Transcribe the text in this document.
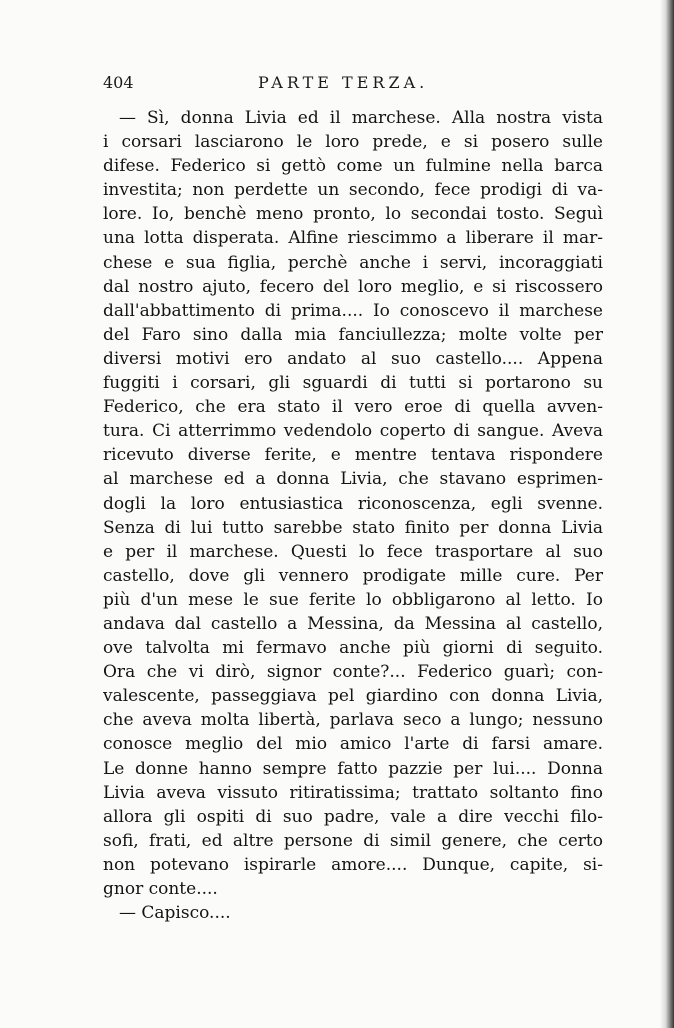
404	PARTE TERZA.
— Sì, donna Livia ed il marchese. Alla nostra vista
i corsari lasciarono le loro prede, e si posero sulle
difese. Federico si gettò come un fulmine nella barca
investita; non perdette un secondo, fece prodigi di va-
lore. Io, benchè meno pronto, lo secondai tosto. Seguì
una lotta disperata. Alfine riescimmo a liberare il mar-
chese e sua figlia, perchè anche i servi, incoraggiati
dal nostro ajuto, fecero del loro meglio, e si riscossero
dall'abbattimento di prima.... Io conoscevo il marchese
del Faro sino dalla mia fanciullezza; molte volte per
diversi motivi ero andato al suo castello.... Appena
fuggiti i corsari, gli sguardi di tutti si portarono su
Federico, che era stato il vero eroe di quella avven-
tura. Ci atterrimmo vedendolo coperto di sangue. Aveva
ricevuto diverse ferite, e mentre tentava rispondere
al marchese ed a donna Livia, che stavano esprimen-
dogli la loro entusiastica riconoscenza, egli svenne.
Senza di lui tutto sarebbe stato finito per donna Livia
e per il marchese. Questi lo fece trasportare al suo
castello, dove gli vennero prodigate mille cure. Per
più d'un mese le sue ferite lo obbligarono al letto. Io
andava dal castello a Messina, da Messina al castello,
ove talvolta mi fermavo anche più giorni di seguito.
Ora che vi dirò, signor conte?... Federico guarì; con-
valescente, passeggiava pel giardino con donna Livia,
che aveva molta libertà, parlava seco a lungo; nessuno
conosce meglio del mio amico l'arte di farsi amare.
Le donne hanno sempre fatto pazzie per lui.... Donna
Livia aveva vissuto ritiratissima; trattato soltanto fino
allora gli ospiti di suo padre, vale a dire vecchi filo-
sofi, frati, ed altre persone di simil genere, che certo
non potevano ispirarle amore.... Dunque, capite, si-
gnor conte....
— Capisco....
